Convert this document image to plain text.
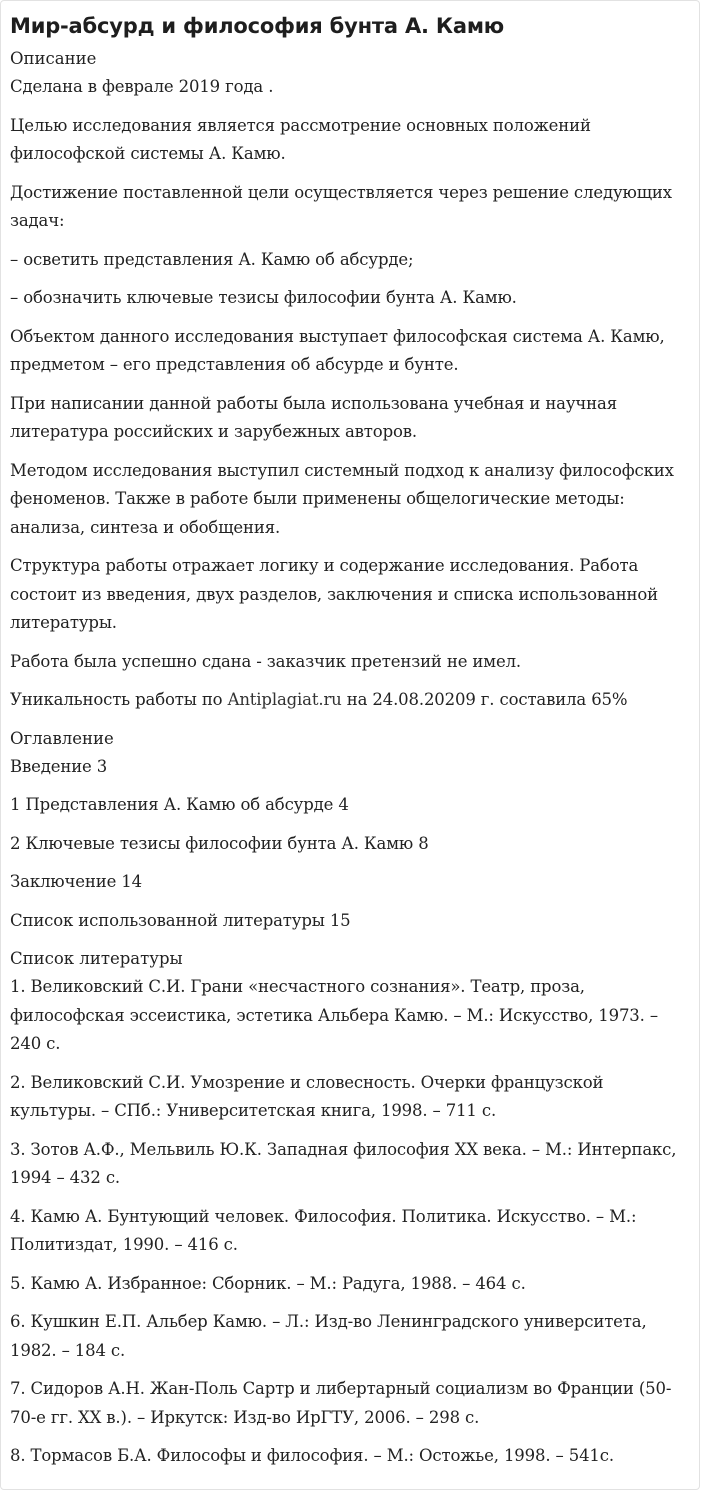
Мир-абсурд и философия бунта А. Камю
Описание

Сделана в феврале 2019 года .

Целью исследования является рассмотрение основных положений философской системы А. Камю.

Достижение поставленной цели осуществляется через решение следующих задач:

– осветить представления А. Камю об абсурде;

– обозначить ключевые тезисы философии бунта А. Камю.

Объектом данного исследования выступает философская система А. Камю, предметом – его представления об абсурде и бунте.

При написании данной работы была использована учебная и научная литература российских и зарубежных авторов.

Методом исследования выступил системный подход к анализу философских феноменов. Также в работе были применены общелогические методы: анализа, синтеза и обобщения.

Структура работы отражает логику и содержание исследования. Работа состоит из введения, двух разделов, заключения и списка использованной литературы.

Работа была успешно сдана - заказчик претензий не имел.

Уникальность работы по Antiplagiat.ru на 24.08.20209 г. составила 65%

Оглавление

Введение 3

1 Представления А. Камю об абсурде 4

2 Ключевые тезисы философии бунта А. Камю 8

Заключение 14

Список использованной литературы 15

Список литературы

1. Великовский С.И. Грани «несчастного сознания». Театр, проза, философская эссеистика, эстетика Альбера Камю. – М.: Искусство, 1973. – 240 с.

2. Великовский С.И. Умозрение и словесность. Очерки французской культуры. – СПб.: Университетская книга, 1998. – 711 с.

3. Зотов А.Ф., Мельвиль Ю.К. Западная философия ХХ века. – М.: Интерпакс, 1994 – 432 с.

4. Камю А. Бунтующий человек. Философия. Политика. Искусство. – М.: Политиздат, 1990. – 416 с.

5. Камю А. Избранное: Сборник. – М.: Радуга, 1988. – 464 с.

6. Кушкин Е.П. Альбер Камю. – Л.: Изд-во Ленинградского университета, 1982. – 184 с.

7. Сидоров А.Н. Жан-Поль Сартр и либертарный социализм во Франции (50-70-е гг. ХХ в.). – Иркутск: Изд-во ИрГТУ, 2006. – 298 с.

8. Тормасов Б.А. Философы и философия. – М.: Остожье, 1998. – 541с.
